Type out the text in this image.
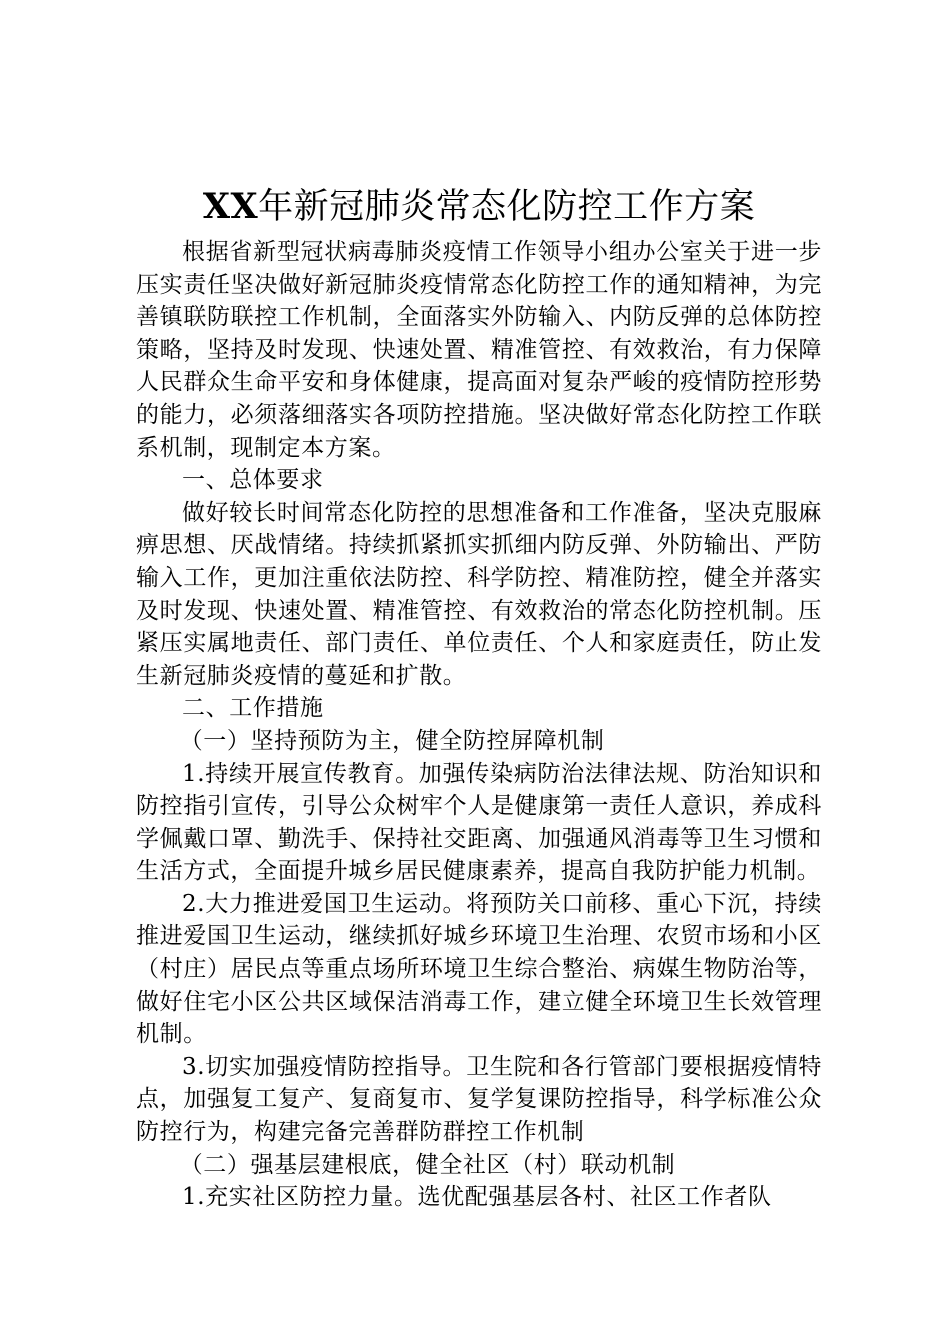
XX年新冠肺炎常态化防控工作方案

根据省新型冠状病毒肺炎疫情工作领导小组办公室关于进一步压实责任坚决做好新冠肺炎疫情常态化防控工作的通知精神，为完善镇联防联控工作机制，全面落实外防输入、内防反弹的总体防控策略，坚持及时发现、快速处置、精准管控、有效救治，有力保障人民群众生命平安和身体健康，提高面对复杂严峻的疫情防控形势的能力，必须落细落实各项防控措施。坚决做好常态化防控工作联系机制，现制定本方案。

一、总体要求

做好较长时间常态化防控的思想准备和工作准备，坚决克服麻痹思想、厌战情绪。持续抓紧抓实抓细内防反弹、外防输出、严防输入工作，更加注重依法防控、科学防控、精准防控，健全并落实及时发现、快速处置、精准管控、有效救治的常态化防控机制。压紧压实属地责任、部门责任、单位责任、个人和家庭责任，防止发生新冠肺炎疫情的蔓延和扩散。

二、工作措施

（一）坚持预防为主，健全防控屏障机制

1.持续开展宣传教育。加强传染病防治法律法规、防治知识和防控指引宣传，引导公众树牢个人是健康第一责任人意识，养成科学佩戴口罩、勤洗手、保持社交距离、加强通风消毒等卫生习惯和生活方式，全面提升城乡居民健康素养，提高自我防护能力机制。

2.大力推进爱国卫生运动。将预防关口前移、重心下沉，持续推进爱国卫生运动，继续抓好城乡环境卫生治理、农贸市场和小区（村庄）居民点等重点场所环境卫生综合整治、病媒生物防治等，做好住宅小区公共区域保洁消毒工作，建立健全环境卫生长效管理机制。

3.切实加强疫情防控指导。卫生院和各行管部门要根据疫情特点，加强复工复产、复商复市、复学复课防控指导，科学标准公众防控行为，构建完备完善群防群控工作机制

（二）强基层建根底，健全社区（村）联动机制

1.充实社区防控力量。选优配强基层各村、社区工作者队
